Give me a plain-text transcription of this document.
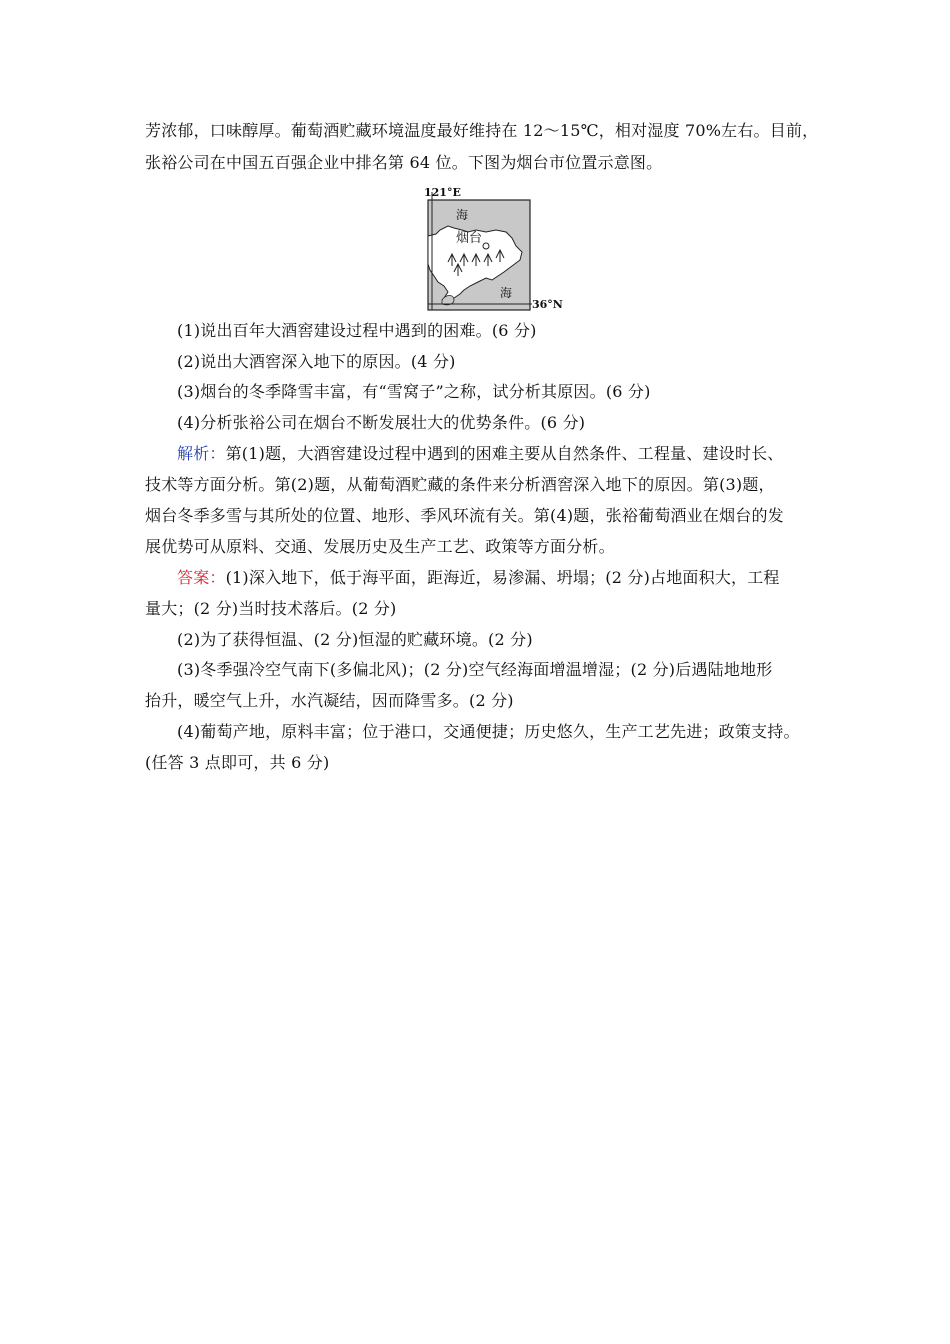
芳浓郁，口味醇厚。葡萄酒贮藏环境温度最好维持在 12～15℃，相对湿度 70%左右。目前，
张裕公司在中国五百强企业中排名第 64 位。下图为烟台市位置示意图。
121°E
36°N
海
烟台
海
(1)说出百年大酒窖建设过程中遇到的困难。(6 分)
(2)说出大酒窖深入地下的原因。(4 分)
(3)烟台的冬季降雪丰富，有“雪窝子”之称，试分析其原因。(6 分)
(4)分析张裕公司在烟台不断发展壮大的优势条件。(6 分)
解析：第(1)题，大酒窖建设过程中遇到的困难主要从自然条件、工程量、建设时长、
技术等方面分析。第(2)题，从葡萄酒贮藏的条件来分析酒窖深入地下的原因。第(3)题，
烟台冬季多雪与其所处的位置、地形、季风环流有关。第(4)题，张裕葡萄酒业在烟台的发
展优势可从原料、交通、发展历史及生产工艺、政策等方面分析。
答案：(1)深入地下，低于海平面，距海近，易渗漏、坍塌；(2 分)占地面积大，工程
量大；(2 分)当时技术落后。(2 分)
(2)为了获得恒温、(2 分)恒湿的贮藏环境。(2 分)
(3)冬季强冷空气南下(多偏北风)；(2 分)空气经海面增温增湿；(2 分)后遇陆地地形
抬升，暖空气上升，水汽凝结，因而降雪多。(2 分)
(4)葡萄产地，原料丰富；位于港口，交通便捷；历史悠久，生产工艺先进；政策支持。
(任答 3 点即可，共 6 分)
